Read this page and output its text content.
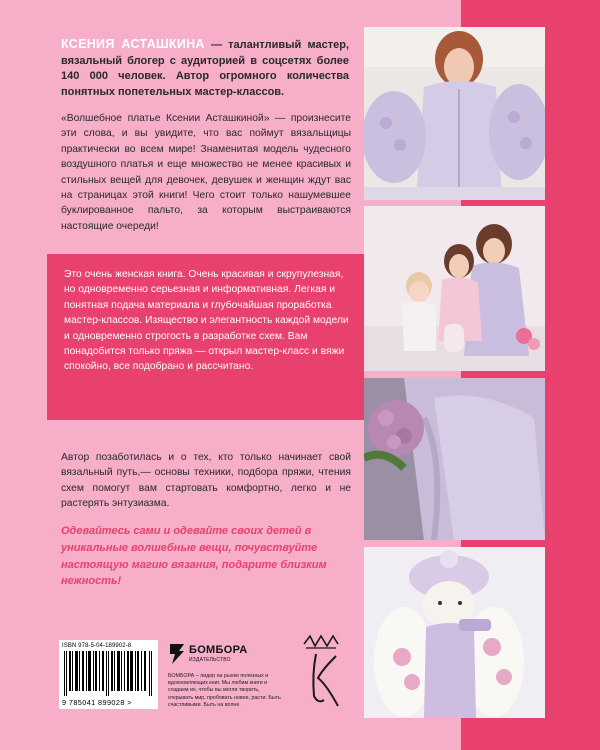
КСЕНИЯ АСТАШКИНА — талантливый мастер, вязальный блогер с аудиторией в соцсетях более 140 000 человек. Автор огромного количества понятных попетельных мастер-классов.

«Волшебное платье Ксении Асташкиной» — произнесите эти слова, и вы увидите, что вас поймут вязальщицы практически во всем мире! Знаменитая модель чудесного воздушного платья и еще множество не менее красивых и стильных вещей для девочек, девушек и женщин ждут вас на страницах этой книги! Чего стоит только нашумевшее буклированное пальто, за которым выстраиваются настоящие очереди!

Это очень женская книга. Очень красивая и скрупулезная, но одновременно серьезная и информативная. Легкая и понятная подача материала и глубочайшая проработка мастер-классов. Изящество и элегантность каждой модели и одновременно строгость в разработке схем. Вам понадобится только пряжа — открыл мастер-класс и вяжи спокойно, все подобрано и рассчитано.

Автор позаботилась и о тех, кто только начинает свой вязальный путь,— основы техники, подбора пряжи, чтения схем помогут вам стартовать комфортно, легко и не растерять энтузиазма.

Одевайтесь сами и одевайте своих детей в уникальные волшебные вещи, почувствуйте настоящую магию вязания, подарите близким нежность!

ISBN 978-5-04-189902-8
9 785041 899028 >
БОМБОРА
ИЗДАТЕЛЬСТВО

БОМБОРА – лидер на рынке полезных и вдохновляющих книг. Мы любим книги и создаем их, чтобы вы могли творить, открывать мир, пробовать новое, расти. Быть счастливыми. Быть на волне.
